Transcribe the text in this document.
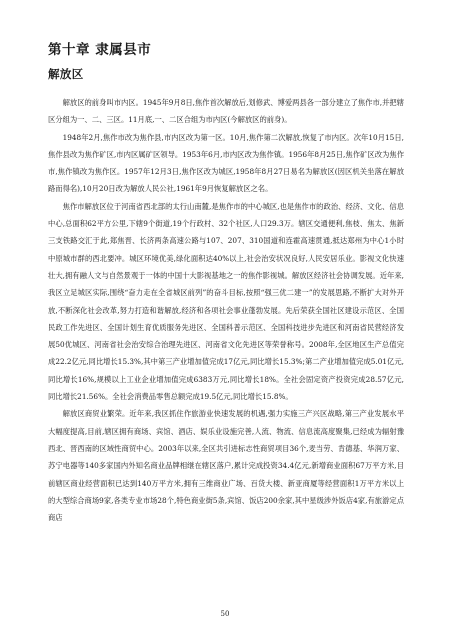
第十章 隶属县市
解放区

解放区的前身叫市内区。1945年9月8日,焦作首次解放后,划修武、博爱两县各一部分建立了焦作市,并把辖区分组为一、二、三区。11月底,一、二区合组为市内区(今解放区的前身)。

1948年2月,焦作市改为焦作县,市内区改为第一区。10月,焦作第二次解放,恢复了市内区。次年10月15日,焦作县改为焦作矿区,市内区属矿区领导。1953年6月,市内区改为焦作镇。1956年8月25日,焦作矿区改为焦作市,焦作镇改为焦作区。1957年12月3日,焦作区改为城区,1958年8月27日易名为解放区(因区机关坐落在解放路而得名),10月20日改为解放人民公社,1961年9月恢复解放区之名。

焦作市解放区位于河南省西北部的太行山南麓,是焦作市的中心城区,也是焦作市的政治、经济、文化、信息中心,总面积62平方公里,下辖9个街道,19个行政村、32个社区,人口29.3万。辖区交通便利,焦枝、焦太、焦新三支铁路交汇于此,郑焦晋、长济两条高速公路与107、207、310国道和连霍高速贯通,抵达郑州为中心1小时中原城市群的西北要冲。城区环境优美,绿化面积达40%以上,社会治安状况良好,人民安居乐业。影视文化快速壮大,拥有融人文与自然景观于一体的中国十大影视基地之一的焦作影视城。解放区经济社会协调发展。近年来,我区立足城区实际,围绕“奋力走在全省城区前列”的奋斗目标,按照“强三优二建一”的发展思路,不断扩大对外开放,不断深化社会改革,努力打造和谐解放,经济和各项社会事业蓬勃发展。先后荣获全国社区建设示范区、全国民政工作先进区、全国计划生育优质服务先进区、全国科普示范区、全国科技进步先进区和河南省民营经济发展50优城区、河南省社会治安综合治理先进区、河南省文化先进区等荣誉称号。2008年,全区地区生产总值完成22.2亿元,同比增长15.3%,其中第三产业增加值完成17亿元,同比增长15.3%;第二产业增加值完成5.01亿元,同比增长16%,规模以上工业企业增加值完成6383万元,同比增长18%。全社会固定资产投资完成28.57亿元,同比增长21.56%。全社会消费品零售总额完成19.5亿元,同比增长15.8%。

解放区商贸业繁荣。近年来,我区抓住作旅游业快速发展的机遇,强力实施三产兴区战略,第三产业发展水平大幅度提高,目前,辖区拥有商场、宾馆、酒店、娱乐业设施完善,人流、物流、信息流高度聚集,已经成为辐射豫西北、晋西南的区域性商贸中心。2003年以来,全区共引进标志性商贸项目36个,麦当劳、肯德基、华润万家、苏宁电器等140多家国内外知名商业品牌相继在辖区落户,累计完成投资34.4亿元,新增商业面积67万平方米,目前辖区商业经营面积已达到140万平方米,拥有三维商业广场、百货大楼、新亚商厦等经营面积1万平方米以上的大型综合商场9家,各类专业市场28个,特色商业街5条,宾馆、饭店200余家,其中星级涉外饭店4家,有旅游定点商店

50
